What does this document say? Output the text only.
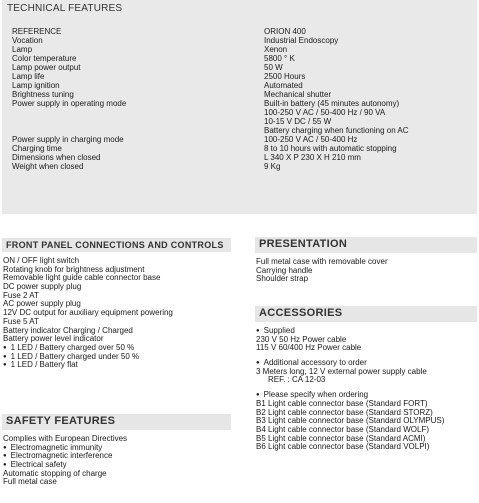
TECHNICAL FEATURES
REFERENCE	ORION 400
Vocation	Industrial Endoscopy
Lamp	Xenon
Color temperature	5800 ° K
Lamp power output	50 W
Lamp life	2500 Hours
Lamp ignition	Automated
Brightness tuning	Mechanical shutter
Power supply in operating mode	Built-in battery (45 minutes autonomy)
100-250 V AC / 50-400 Hz / 90 VA
10-15 V DC / 55 W
Battery charging when functioning on AC
Power supply in charging mode	100-250 V AC / 50-400 Hz
Charging time	8 to 10 hours with automatic stopping
Dimensions when closed	L 340 X P 230 X H 210 mm
Weight when closed	9 Kg
FRONT PANEL CONNECTIONS AND CONTROLS
ON / OFF light switch
Rotating knob for brightness adjustment
Removable light guide cable connector base
DC power supply plug
Fuse 2 AT
AC power supply plug
12V DC output for auxiliary equipment powering
Fuse 5 AT
Battery indicator Charging / Charged
Battery power level indicator
● 1 LED / Battery charged over 50 %
● 1 LED / Battery charged under 50 %
● 1 LED / Battery flat
SAFETY FEATURES
Complies with European Directives
● Electromagnetic immunity
● Electromagnetic interference
● Electrical safety
Automatic stopping of charge
Full metal case
PRESENTATION
Full metal case with removable cover
Carrying handle
Shoulder strap
ACCESSORIES
● Supplied
230 V 50 Hz Power cable
115 V 60/400 Hz Power cable
● Additional accessory to order
3 Meters long, 12 V external power supply cable
REF. : CA 12-03
● Please specify when ordering
B1 Light cable connector base (Standard FORT)
B2 Light cable connector base (Standard STORZ)
B3 Light cable connector base (Standard OLYMPUS)
B4 Light cable connector base (Standard WOLF)
B5 Light cable connector base (Standard ACMI)
B6 Light cable connector base (Standard VOLPI)
